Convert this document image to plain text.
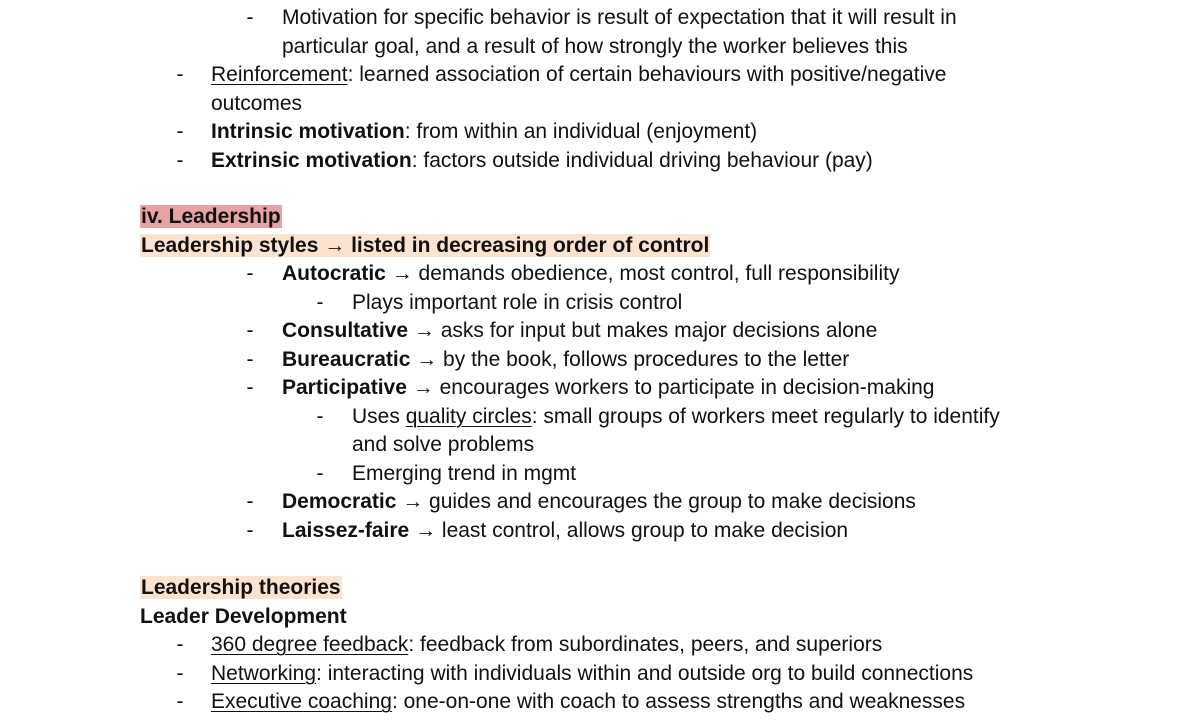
-	Motivation for specific behavior is result of expectation that it will result in
particular goal, and a result of how strongly the worker believes this
-	Reinforcement: learned association of certain behaviours with positive/negative
outcomes
-	Intrinsic motivation: from within an individual (enjoyment)
-	Extrinsic motivation: factors outside individual driving behaviour (pay)
iv. Leadership
Leadership styles → listed in decreasing order of control
-	Autocratic → demands obedience, most control, full responsibility
-	Plays important role in crisis control
-	Consultative → asks for input but makes major decisions alone
-	Bureaucratic → by the book, follows procedures to the letter
-	Participative → encourages workers to participate in decision-making
-	Uses quality circles: small groups of workers meet regularly to identify
and solve problems
-	Emerging trend in mgmt
-	Democratic → guides and encourages the group to make decisions
-	Laissez-faire → least control, allows group to make decision
Leadership theories
Leader Development
-	360 degree feedback: feedback from subordinates, peers, and superiors
-	Networking: interacting with individuals within and outside org to build connections
-	Executive coaching: one-on-one with coach to assess strengths and weaknesses
